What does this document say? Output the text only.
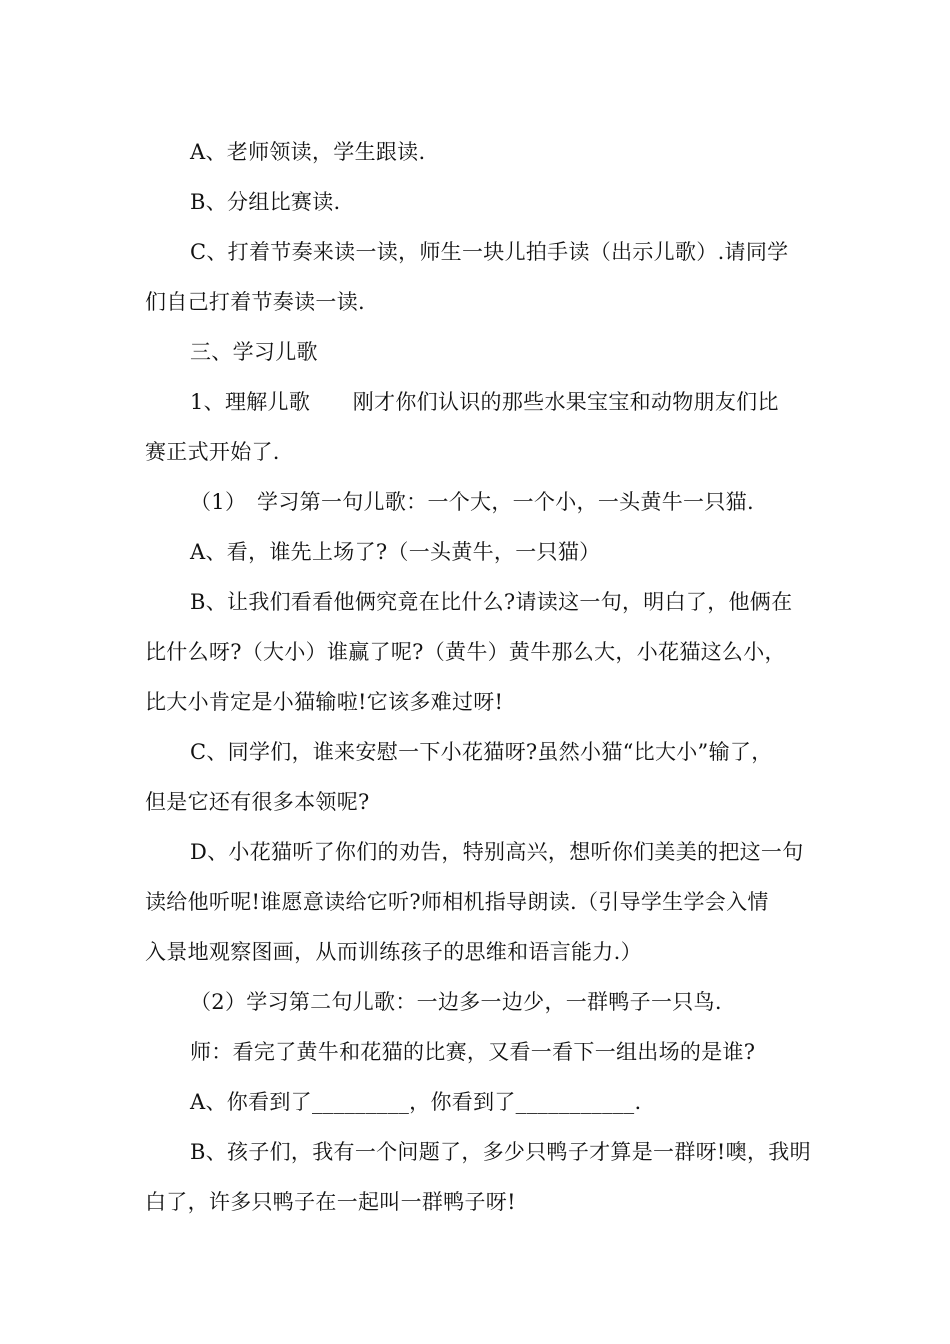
A、老师领读，学生跟读.
B、分组比赛读.
C、打着节奏来读一读，师生一块儿拍手读（出示儿歌）.请同学
们自己打着节奏读一读.
三、学习儿歌
1、理解儿歌　　刚才你们认识的那些水果宝宝和动物朋友们比
赛正式开始了.
（1）　学习第一句儿歌：一个大，一个小，一头黄牛一只猫.
A、看，谁先上场了?（一头黄牛，一只猫）
B、让我们看看他俩究竟在比什么?请读这一句，明白了，他俩在
比什么呀?（大小）谁赢了呢?（黄牛）黄牛那么大，小花猫这么小，
比大小肯定是小猫输啦!它该多难过呀!
C、同学们，谁来安慰一下小花猫呀?虽然小猫“比大小”输了，
但是它还有很多本领呢?
D、小花猫听了你们的劝告，特别高兴，想听你们美美的把这一句
读给他听呢!谁愿意读给它听?师相机指导朗读.（引导学生学会入情
入景地观察图画，从而训练孩子的思维和语言能力.）
（2）学习第二句儿歌：一边多一边少，一群鸭子一只鸟.
师：看完了黄牛和花猫的比赛，又看一看下一组出场的是谁?
A、你看到了_________，你看到了___________.
B、孩子们，我有一个问题了，多少只鸭子才算是一群呀!噢，我明
白了，许多只鸭子在一起叫一群鸭子呀!
